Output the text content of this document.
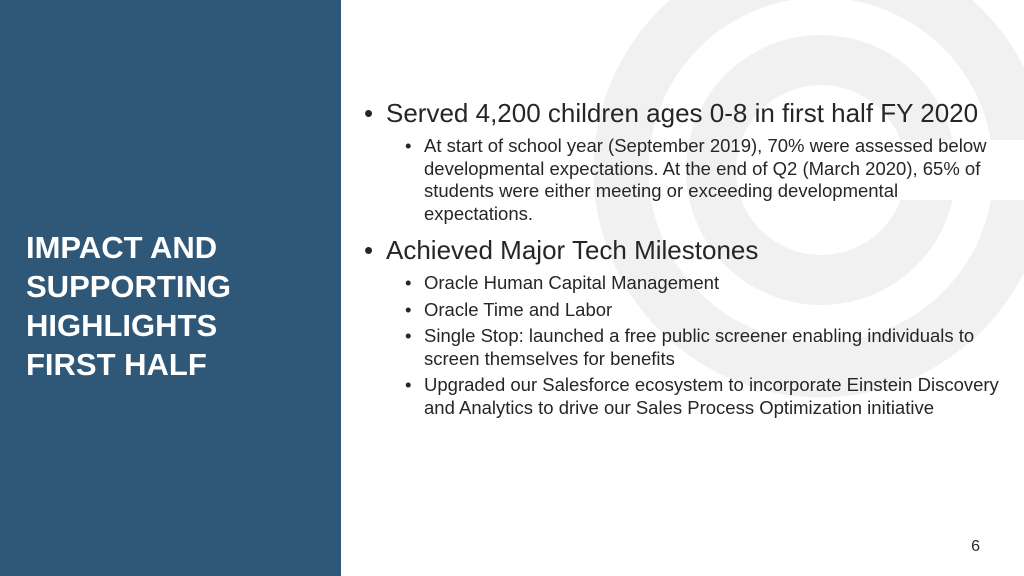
IMPACT AND
SUPPORTING
HIGHLIGHTS
FIRST HALF
• Served 4,200 children ages 0-8 in first half FY 2020
• At start of school year (September 2019), 70% were assessed below developmental expectations. At the end of Q2 (March 2020), 65% of students were either meeting or exceeding developmental expectations.
• Achieved Major Tech Milestones
• Oracle Human Capital Management
• Oracle Time and Labor
• Single Stop: launched a free public screener enabling individuals to screen themselves for benefits
• Upgraded our Salesforce ecosystem to incorporate Einstein Discovery and Analytics to drive our Sales Process Optimization initiative
6
